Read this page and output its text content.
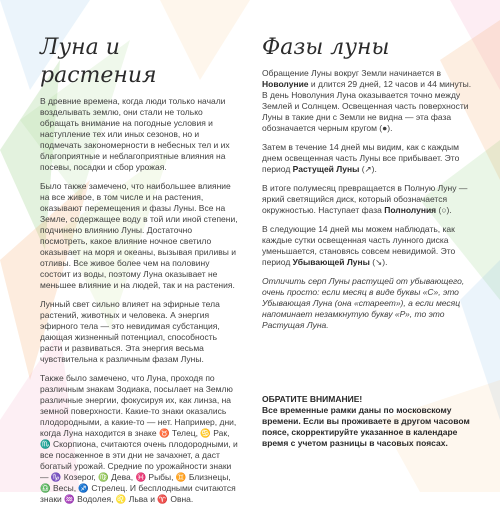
Луна и растения

В древние времена, когда люди только начали возделывать землю, они стали не только обращать внимание на погодные условия и наступление тех или иных сезонов, но и подмечать закономерности в небесных тел и их благоприятные и неблагоприятные влияния на посевы, посадки и сбор урожая.

Было также замечено, что наибольшее влияние на все живое, в том числе и на растения, оказывают перемещения и фазы Луны. Все на Земле, содержащее воду в той или иной степени, подчинено влиянию Луны. Достаточно посмотреть, какое влияние ночное светило оказывает на моря и океаны, вызывая приливы и отливы. Все живое более чем на половину состоит из воды, поэтому Луна оказывает не меньшее влияние и на людей, так и на растения.

Лунный свет сильно влияет на эфирные тела растений, животных и человека. А энергия эфирного тела — это невидимая субстанция, дающая жизненный потенциал, способность расти и развиваться. Эта энергия весьма чувствительна к различным фазам Луны.

Также было замечено, что Луна, проходя по различным знакам Зодиака, посылает на Землю различные энергии, фокусируя их, как линза, на земной поверхности. Какие-то знаки оказались плодородными, а какие-то — нет. Например, дни, когда Луна находится в знаке ♉ Телец, ♋ Рак, ♏ Скорпиона, считаются очень плодородными, и все посаженное в эти дни не зачахнет, а даст богатый урожай. Средние по урожайности знаки — ♑ Козерог, ♍ Дева, ♓ Рыбы, ♊ Близнецы, ♎ Весы, ♐ Стрелец. И бесплодными считаются знаки ♒ Водолея, ♌ Льва и ♈ Овна.

Фазы луны

Обращение Луны вокруг Земли начинается в Новолуние и длится 29 дней, 12 часов и 44 минуты. В день Новолуния Луна оказывается точно между Землей и Солнцем. Освещенная часть поверхности Луны в такие дни с Земли не видна — эта фаза обозначается черным кругом (●).

Затем в течение 14 дней мы видим, как с каждым днем освещенная часть Луны все прибывает. Это период Растущей Луны (↗).

В итоге полумесяц превращается в Полную Луну — яркий светящийся диск, который обозначается окружностью. Наступает фаза Полнолуния (○).

В следующие 14 дней мы можем наблюдать, как каждые сутки освещенная часть лунного диска уменьшается, становясь совсем невидимой. Это период Убывающей Луны (↘).

Отличить серп Луны растущей от убывающего, очень просто: если месяц в виде буквы «С», это Убывающая Луна (она «стареет»), а если месяц напоминает незамкнутую букву «Р», то это Растущая Луна.

ОБРАТИТЕ ВНИМАНИЕ!

Все временные рамки даны по московскому времени. Если вы проживаете в другом часовом поясе, скорректируйте указанное в календаре время с учетом разницы в часовых поясах.
